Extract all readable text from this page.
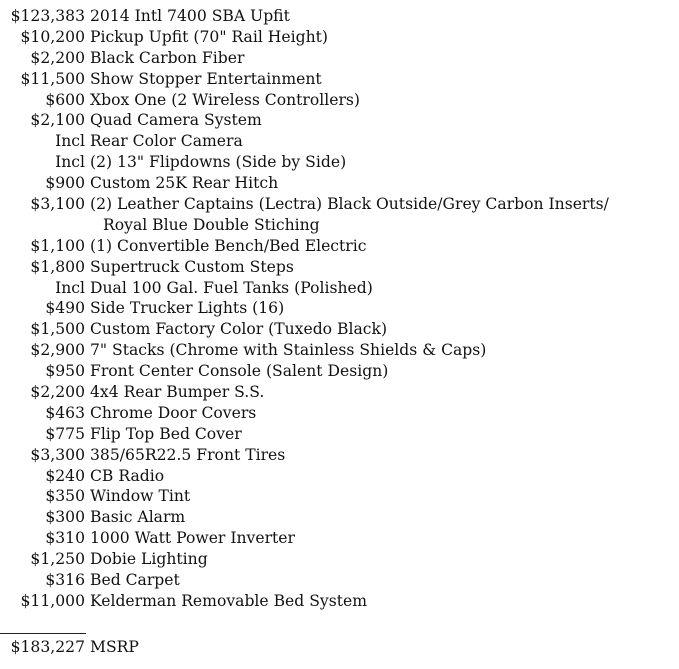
$123,383 2014 Intl 7400 SBA Upfit
$10,200 Pickup Upfit (70" Rail Height)
$2,200 Black Carbon Fiber
$11,500 Show Stopper Entertainment
$600 Xbox One (2 Wireless Controllers)
$2,100 Quad Camera System
Incl Rear Color Camera
Incl (2) 13" Flipdowns (Side by Side)
$900 Custom 25K Rear Hitch
$3,100 (2) Leather Captains (Lectra) Black Outside/Grey Carbon Inserts/
Royal Blue Double Stiching
$1,100 (1) Convertible Bench/Bed Electric
$1,800 Supertruck Custom Steps
Incl Dual 100 Gal. Fuel Tanks (Polished)
$490 Side Trucker Lights (16)
$1,500 Custom Factory Color (Tuxedo Black)
$2,900 7" Stacks (Chrome with Stainless Shields & Caps)
$950 Front Center Console (Salent Design)
$2,200 4x4 Rear Bumper S.S.
$463 Chrome Door Covers
$775 Flip Top Bed Cover
$3,300 385/65R22.5 Front Tires
$240 CB Radio
$350 Window Tint
$300 Basic Alarm
$310 1000 Watt Power Inverter
$1,250 Dobie Lighting
$316 Bed Carpet
$11,000 Kelderman Removable Bed System
$183,227 MSRP
